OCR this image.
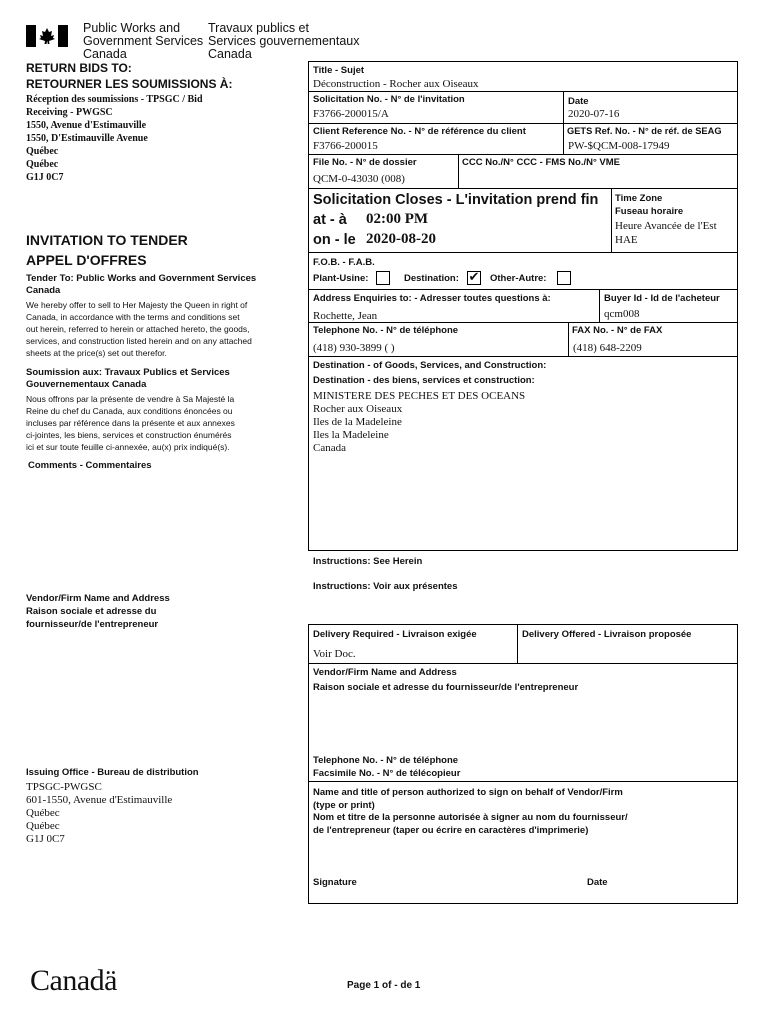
Public Works and
Government Services
Canada
Travaux publics et
Services gouvernementaux
Canada
RETURN BIDS TO:
RETOURNER LES SOUMISSIONS À:
Réception des soumissions - TPSGC / Bid
Receiving - PWGSC
1550, Avenue d'Estimauville
1550, D'Estimauville Avenue
Québec
Québec
G1J 0C7
INVITATION TO TENDER
APPEL D'OFFRES
Tender To: Public Works and Government Services Canada
We hereby offer to sell to Her Majesty the Queen in right of
Canada, in accordance with the terms and conditions set
out herein, referred to herein or attached hereto, the goods,
services, and construction listed herein and on any attached
sheets at the price(s) set out therefor.
Soumission aux: Travaux Publics et Services Gouvernementaux Canada
Nous offrons par la présente de vendre à Sa Majesté la
Reine du chef du Canada, aux conditions énoncées ou
incluses par référence dans la présente et aux annexes
ci-jointes, les biens, services et construction énumérés
ici et sur toute feuille ci-annexée, au(x) prix indiqué(s).
Comments - Commentaires
Vendor/Firm Name and Address
Raison sociale et adresse du
fournisseur/de l'entrepreneur
Issuing Office - Bureau de distribution
TPSGC-PWGSC
601-1550, Avenue d'Estimauville
Québec
Québec
G1J 0C7
Title - Sujet
Déconstruction - Rocher aux Oiseaux
Solicitation No. - N° de l'invitation
F3766-200015/A
Date
2020-07-16
Client Reference No. - N° de référence du client
F3766-200015
GETS Ref. No. - N° de réf. de SEAG
PW-$QCM-008-17949
File No. - N° de dossier
QCM-0-43030 (008)
CCC No./N° CCC - FMS No./N° VME
Solicitation Closes - L'invitation prend fin
at - à 02:00 PM
on - le 2020-08-20
Time Zone
Fuseau horaire
Heure Avancée de l'Est
HAE
F.O.B. - F.A.B.
Plant-Usine:	Destination: ✔ Other-Autre:
Address Enquiries to: - Adresser toutes questions à:
Rochette, Jean
Buyer Id - Id de l'acheteur
qcm008
Telephone No. - N° de téléphone
(418) 930-3899 ( )
FAX No. - N° de FAX
(418) 648-2209
Destination - of Goods, Services, and Construction:
Destination - des biens, services et construction:
MINISTERE DES PECHES ET DES OCEANS
Rocher aux Oiseaux
Iles de la Madeleine
Iles la Madeleine
Canada
Instructions: See Herein
Instructions: Voir aux présentes
Delivery Required - Livraison exigée
Voir Doc.
Delivery Offered - Livraison proposée
Vendor/Firm Name and Address
Raison sociale et adresse du fournisseur/de l'entrepreneur
Telephone No. - N° de téléphone
Facsimile No. - N° de télécopieur
Name and title of person authorized to sign on behalf of Vendor/Firm
(type or print)
Nom et titre de la personne autorisée à signer au nom du fournisseur/
de l'entrepreneur (taper ou écrire en caractères d'imprimerie)
Signature	Date
Canadä	Page 1 of - de 1
